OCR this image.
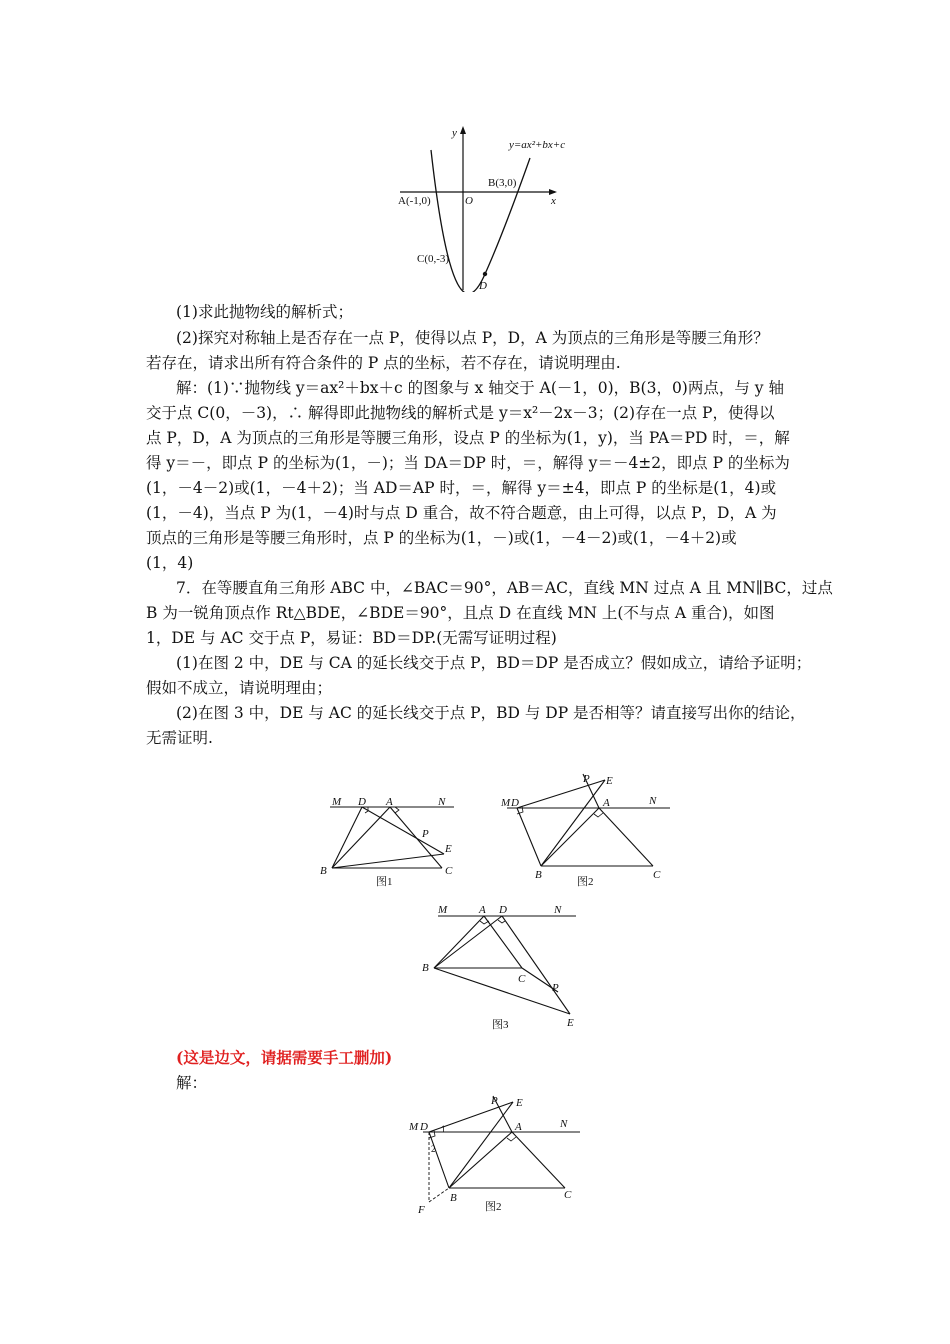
y
x
y=ax²+bx+c
O
A(-1,0)
B(3,0)
C(0,-3)
D

(1)求此抛物线的解析式；

(2)探究对称轴上是否存在一点 P，使得以点 P，D，A 为顶点的三角形是等腰三角形？

若存在，请求出所有符合条件的 P 点的坐标，若不存在，请说明理由.

解：(1)∵抛物线 y＝ax²＋bx＋c 的图象与 x 轴交于 A(－1，0)，B(3，0)两点，与 y 轴

交于点 C(0，－3)，∴ 解得即此抛物线的解析式是 y＝x²－2x－3；(2)存在一点 P，使得以

点 P，D，A 为顶点的三角形是等腰三角形，设点 P 的坐标为(1，y)，当 PA＝PD 时，＝，解

得 y＝－，即点 P 的坐标为(1，－)；当 DA＝DP 时，＝，解得 y＝－4±2，即点 P 的坐标为

(1，－4－2)或(1，－4＋2)；当 AD＝AP 时，＝，解得 y＝±4，即点 P 的坐标是(1，4)或

(1，－4)，当点 P 为(1，－4)时与点 D 重合，故不符合题意，由上可得，以点 P，D，A 为

顶点的三角形是等腰三角形时，点 P 的坐标为(1，－)或(1，－4－2)或(1，－4＋2)或

(1，4)

7．在等腰直角三角形 ABC 中，∠BAC＝90°，AB＝AC，直线 MN 过点 A 且 MN∥BC，过点

B 为一锐角顶点作 Rt△BDE，∠BDE＝90°，且点 D 在直线 MN 上(不与点 A 重合)，如图

1，DE 与 AC 交于点 P，易证：BD＝DP.(无需写证明过程)

(1)在图 2 中，DE 与 CA 的延长线交于点 P，BD＝DP 是否成立？假如成立，请给予证明；

假如不成立，请说明理由；

(2)在图 3 中，DE 与 AC 的延长线交于点 P，BD 与 DP 是否相等？请直接写出你的结论，

无需证明.

M D A	N
P
E
B	C
图1
M D	A	N
P E
B	C
图2
M	A D	N
B
C
P
E
图3

(这是边文，请据需要手工删加)

解：

M D	A	N
P E
B	C
F
1
2
图2
